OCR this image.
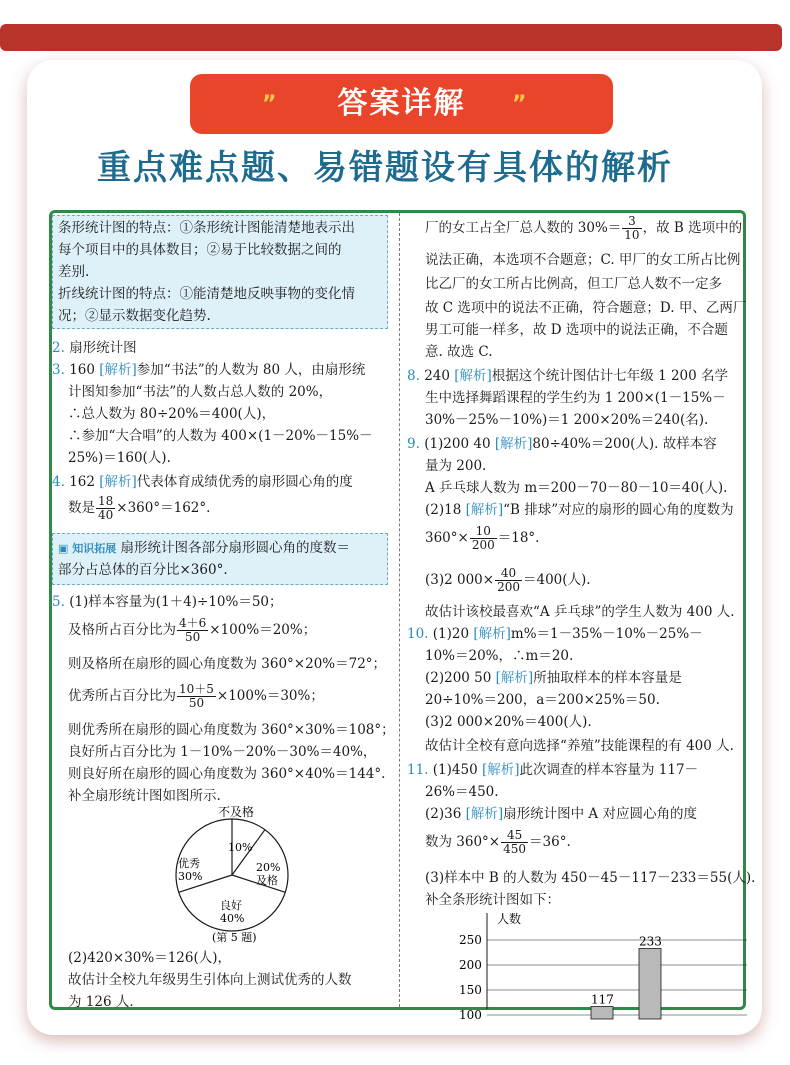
”	答案详解	”
重点难点题、易错题设有具体的解析
条形统计图的特点：①条形统计图能清楚地表示出
每个项目中的具体数目；②易于比较数据之间的
差别.
折线统计图的特点：①能清楚地反映事物的变化情
况；②显示数据变化趋势.
2. 扇形统计图
3. 160 [解析]参加“书法”的人数为 80 人，由扇形统
计图知参加“书法”的人数占总人数的 20%，
∴总人数为 80÷20%＝400(人)，
∴参加“大合唱”的人数为 400×(1－20%－15%－
25%)＝160(人).
4. 162 [解析]代表体育成绩优秀的扇形圆心角的度
数是 $\frac{18}{40} \times 360^\circ=162^\circ$.
▣ 知识拓展 扇形统计图各部分扇形圆心角的度数＝
部分占总体的百分比×360°.
5. (1)样本容量为(1＋4)÷10%＝50；
及格所占百分比为 $\frac{4+6}{50} \times 100\%=20\%$；
则及格所在扇形的圆心角度数为 360°×20%＝72°；
优秀所占百分比为 $\frac{10+5}{50} \times 100\%=30\%$；
则优秀所在扇形的圆心角度数为 360°×30%＝108°；
良好所占百分比为 1－10%－20%－30%＝40%，
则良好所在扇形的圆心角度数为 360°×40%＝144°.
补全扇形统计图如图所示.
不及格
10%
20%及格
良好 40%
优秀 30%
(第 5 题)
(2)420×30%＝126(人)，
故估计全校九年级男生引体向上测试优秀的人数
为 126 人.
厂的女工占全厂总人数的 $30\%= \frac{3}{10}$ ，故 B 选项中的
说法正确，本选项不合题意；C. 甲厂的女工所占比例
比乙厂的女工所占比例高，但工厂总人数不一定多
故 C 选项中的说法不正确，符合题意；D. 甲、乙两厂
男工可能一样多，故 D 选项中的说法正确，不合题
意. 故选 C.
8. 240 [解析]根据这个统计图估计七年级 1 200 名学
生中选择舞蹈课程的学生约为 1 200×(1－15%－
30%－25%－10%)＝1 200×20%＝240(名).
9. (1)200 40 [解析]80÷40%＝200(人). 故样本容
量为 200.
A 乒乓球人数为 m＝200－70－80－10＝40(人).
(2)18 [解析]“B 排球”对应的扇形的圆心角的度数为
$360^\circ\times \frac{10}{200} =18^\circ$.
(3)2 $000\times \frac{40}{200} =400$(人).
故估计该校最喜欢“A 乒乓球”的学生人数为 400 人.
10. (1)20 [解析]m%＝1－35%－10%－25%－
10%＝20%，∴m＝20.
(2)200 50 [解析]所抽取样本的样本容量是
20÷10%＝200，a＝200×25%＝50.
(3)2 000×20%＝400(人).
故估计全校有意向选择“养殖”技能课程的有 400 人.
11. (1)450 [解析]此次调查的样本容量为 117－
26%＝450.
(2)36 [解析]扇形统计图中 A 对应圆心角的度
数为 $360^\circ\times \frac{45}{450} =36^\circ$.
(3)样本中 B 的人数为 450－45－117－233＝55(人).
补全条形统计图如下：
人数
100
150
200
250
117
233
